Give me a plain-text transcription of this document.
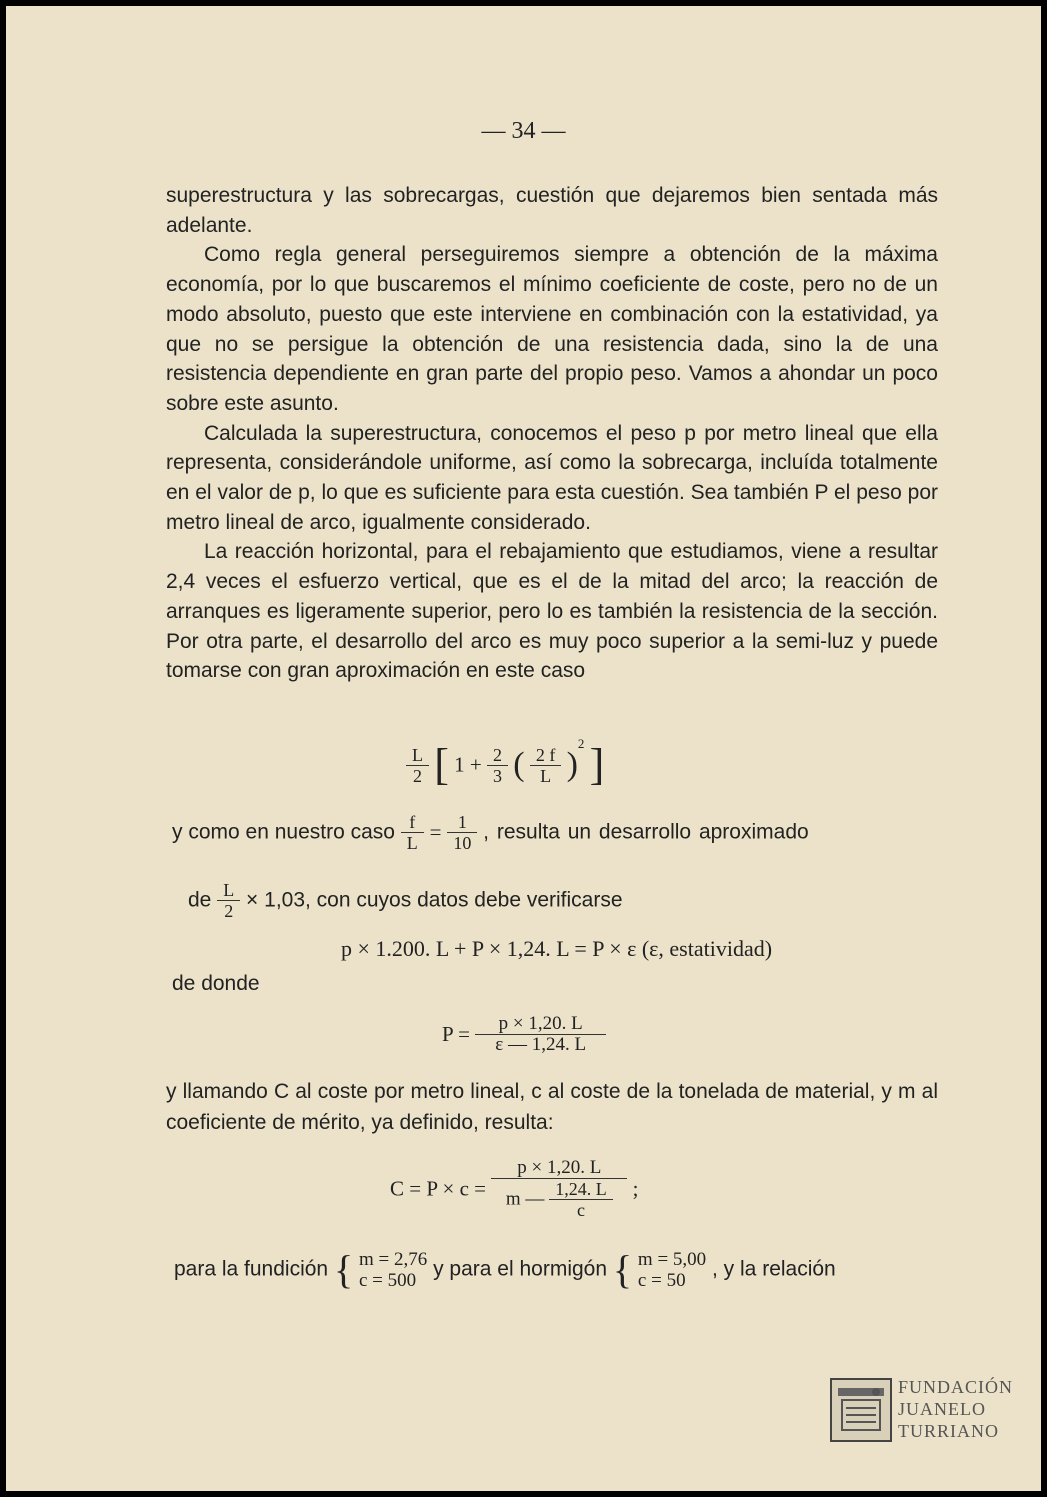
— 34 —

superestructura y las sobrecargas, cuestión que dejaremos bien sentada más adelante.

Como regla general perseguiremos siempre a obtención de la máxima economía, por lo que buscaremos el mínimo coeficiente de coste, pero no de un modo absoluto, puesto que este interviene en combinación con la estatividad, ya que no se persigue la obtención de una resistencia dada, sino la de una resistencia dependiente en gran parte del propio peso. Vamos a ahondar un poco sobre este asunto.

Calculada la superestructura, conocemos el peso p por metro lineal que ella representa, considerándole uniforme, así como la sobrecarga, incluída totalmente en el valor de p, lo que es suficiente para esta cuestión. Sea también P el peso por metro lineal de arco, igualmente considerado.

La reacción horizontal, para el rebajamiento que estudiamos, viene a resultar 2,4 veces el esfuerzo vertical, que es el de la mitad del arco; la reacción de arranques es ligeramente superior, pero lo es también la resistencia de la sección. Por otra parte, el desarrollo del arco es muy poco superior a la semi-luz y puede tomarse con gran aproximación en este caso

$\frac{L}{2}$ [ $1 + \frac{2}{3}$ ( $\frac{2 f}{L} )^2$ ]
y como en nuestro caso $\frac{f}{L} = \frac{1}{10}$ , resulta un desarrollo aproximado
de $\frac{L}{2} \times 1,03$, con cuyos datos debe verificarse
p × 1.200. L + P × 1,24. L = P × ε (ε, estatividad)
de donde
$P = \frac{p \times 1,20. L}{\varepsilon — 1,24. L}$

y llamando C al coste por metro lineal, c al coste de la tonelada de material, y m al coeficiente de mérito, ya definido, resulta:

$C = P \times c = \frac{p \times 1,20. L}{m — \frac{1,24. L}{c}}$ ;
para la fundición { m = 2,76
c = 500 y para el hormigón { m = 5,00
c = 50	, y la relación
FUNDACIÓN
JUANELO
TURRIANO
